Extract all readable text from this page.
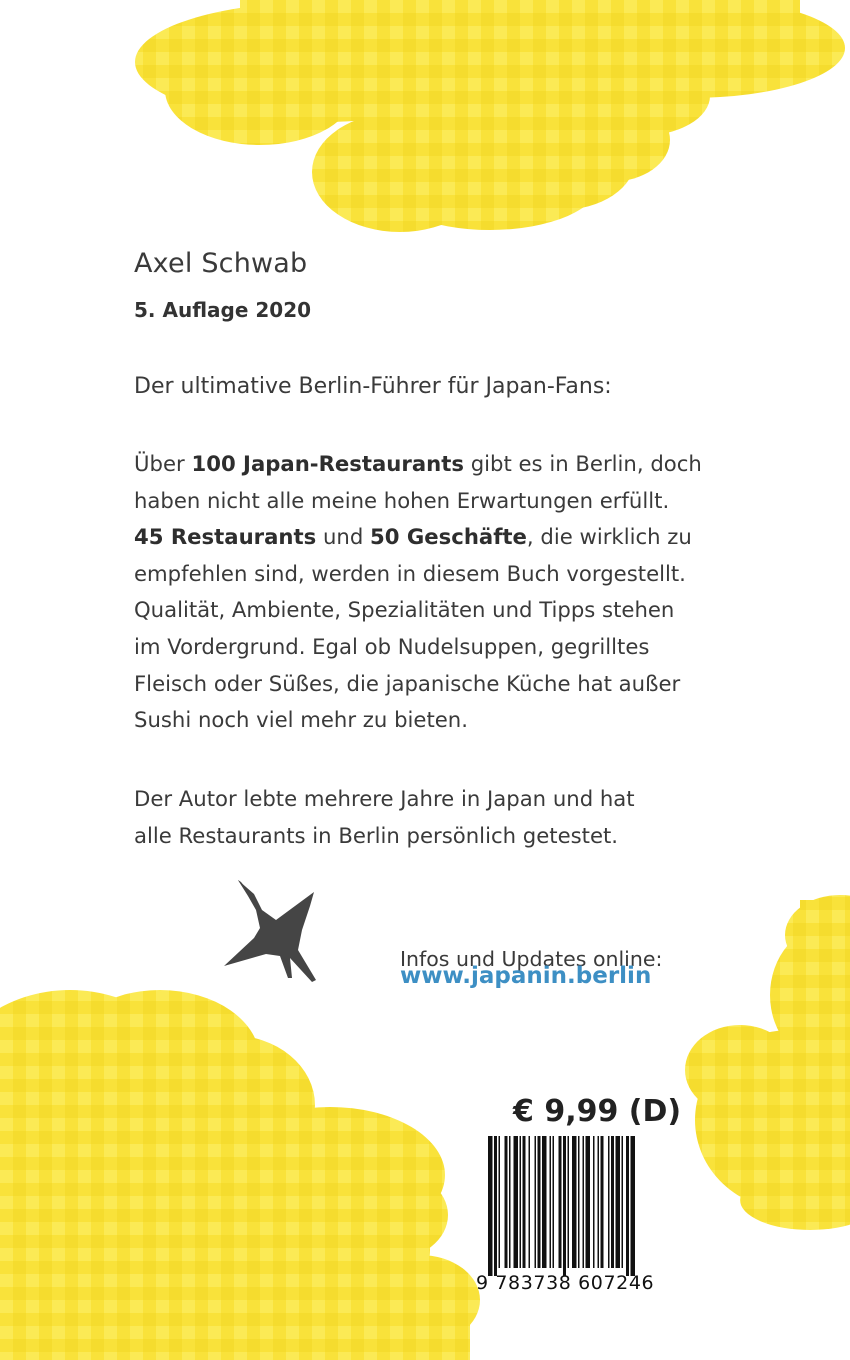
Axel Schwab

5. Auflage 2020

Der ultimative Berlin-Führer für Japan-Fans:

Über 100 Japan-Restaurants gibt es in Berlin, doch
haben nicht alle meine hohen Erwartungen erfüllt.
45 Restaurants und 50 Geschäfte, die wirklich zu
empfehlen sind, werden in diesem Buch vorgestellt.
Qualität, Ambiente, Spezialitäten und Tipps stehen
im Vordergrund. Egal ob Nudelsuppen, gegrilltes
Fleisch oder Süßes, die japanische Küche hat außer
Sushi noch viel mehr zu bieten.
Der Autor lebte mehrere Jahre in Japan und hat
alle Restaurants in Berlin persönlich getestet.

Infos und Updates online:

www.japanin.berlin
€ 9,99 (D)
9 783738 607246
